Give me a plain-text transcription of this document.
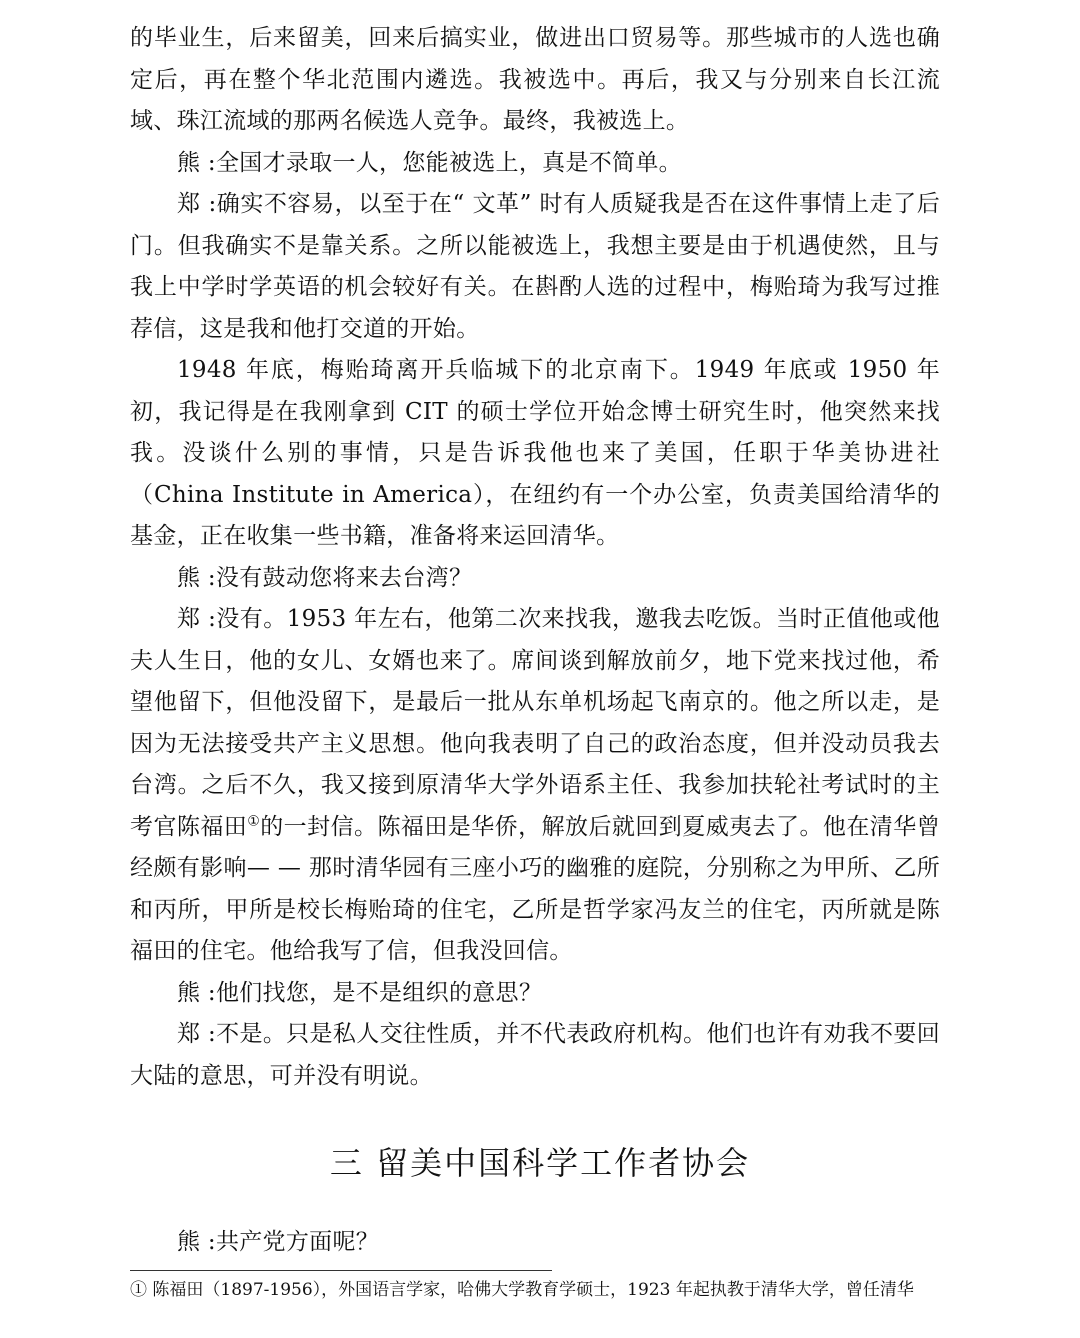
的毕业生，后来留美，回来后搞实业，做进出口贸易等。那些城市的人选也确定后，再在整个华北范围内遴选。我被选中。再后，我又与分别来自长江流域、珠江流域的那两名候选人竞争。最终，我被选上。

熊 :全国才录取一人，您能被选上，真是不简单。

郑 :确实不容易，以至于在“ 文革” 时有人质疑我是否在这件事情上走了后门。但我确实不是靠关系。之所以能被选上，我想主要是由于机遇使然，且与我上中学时学英语的机会较好有关。在斟酌人选的过程中，梅贻琦为我写过推荐信，这是我和他打交道的开始。

1948 年底，梅贻琦离开兵临城下的北京南下。1949 年底或 1950 年初，我记得是在我刚拿到 CIT 的硕士学位开始念博士研究生时，他突然来找我。没谈什么别的事情，只是告诉我他也来了美国，任职于华美协进社（China Institute in America），在纽约有一个办公室，负责美国给清华的基金，正在收集一些书籍，准备将来运回清华。

熊 :没有鼓动您将来去台湾？

郑 :没有。1953 年左右，他第二次来找我，邀我去吃饭。当时正值他或他夫人生日，他的女儿、女婿也来了。席间谈到解放前夕，地下党来找过他，希望他留下，但他没留下，是最后一批从东单机场起飞南京的。他之所以走，是因为无法接受共产主义思想。他向我表明了自己的政治态度，但并没动员我去台湾。之后不久，我又接到原清华大学外语系主任、我参加扶轮社考试时的主考官陈福田①的一封信。陈福田是华侨，解放后就回到夏威夷去了。他在清华曾经颇有影响— — 那时清华园有三座小巧的幽雅的庭院，分别称之为甲所、乙所和丙所，甲所是校长梅贻琦的住宅，乙所是哲学家冯友兰的住宅，丙所就是陈福田的住宅。他给我写了信，但我没回信。

熊 :他们找您，是不是组织的意思？

郑 :不是。只是私人交往性质，并不代表政府机构。他们也许有劝我不要回大陆的意思，可并没有明说。

三 留美中国科学工作者协会
熊 :共产党方面呢？
① 陈福田（1897-1956），外国语言学家，哈佛大学教育学硕士，1923 年起执教于清华大学，曾任清华
